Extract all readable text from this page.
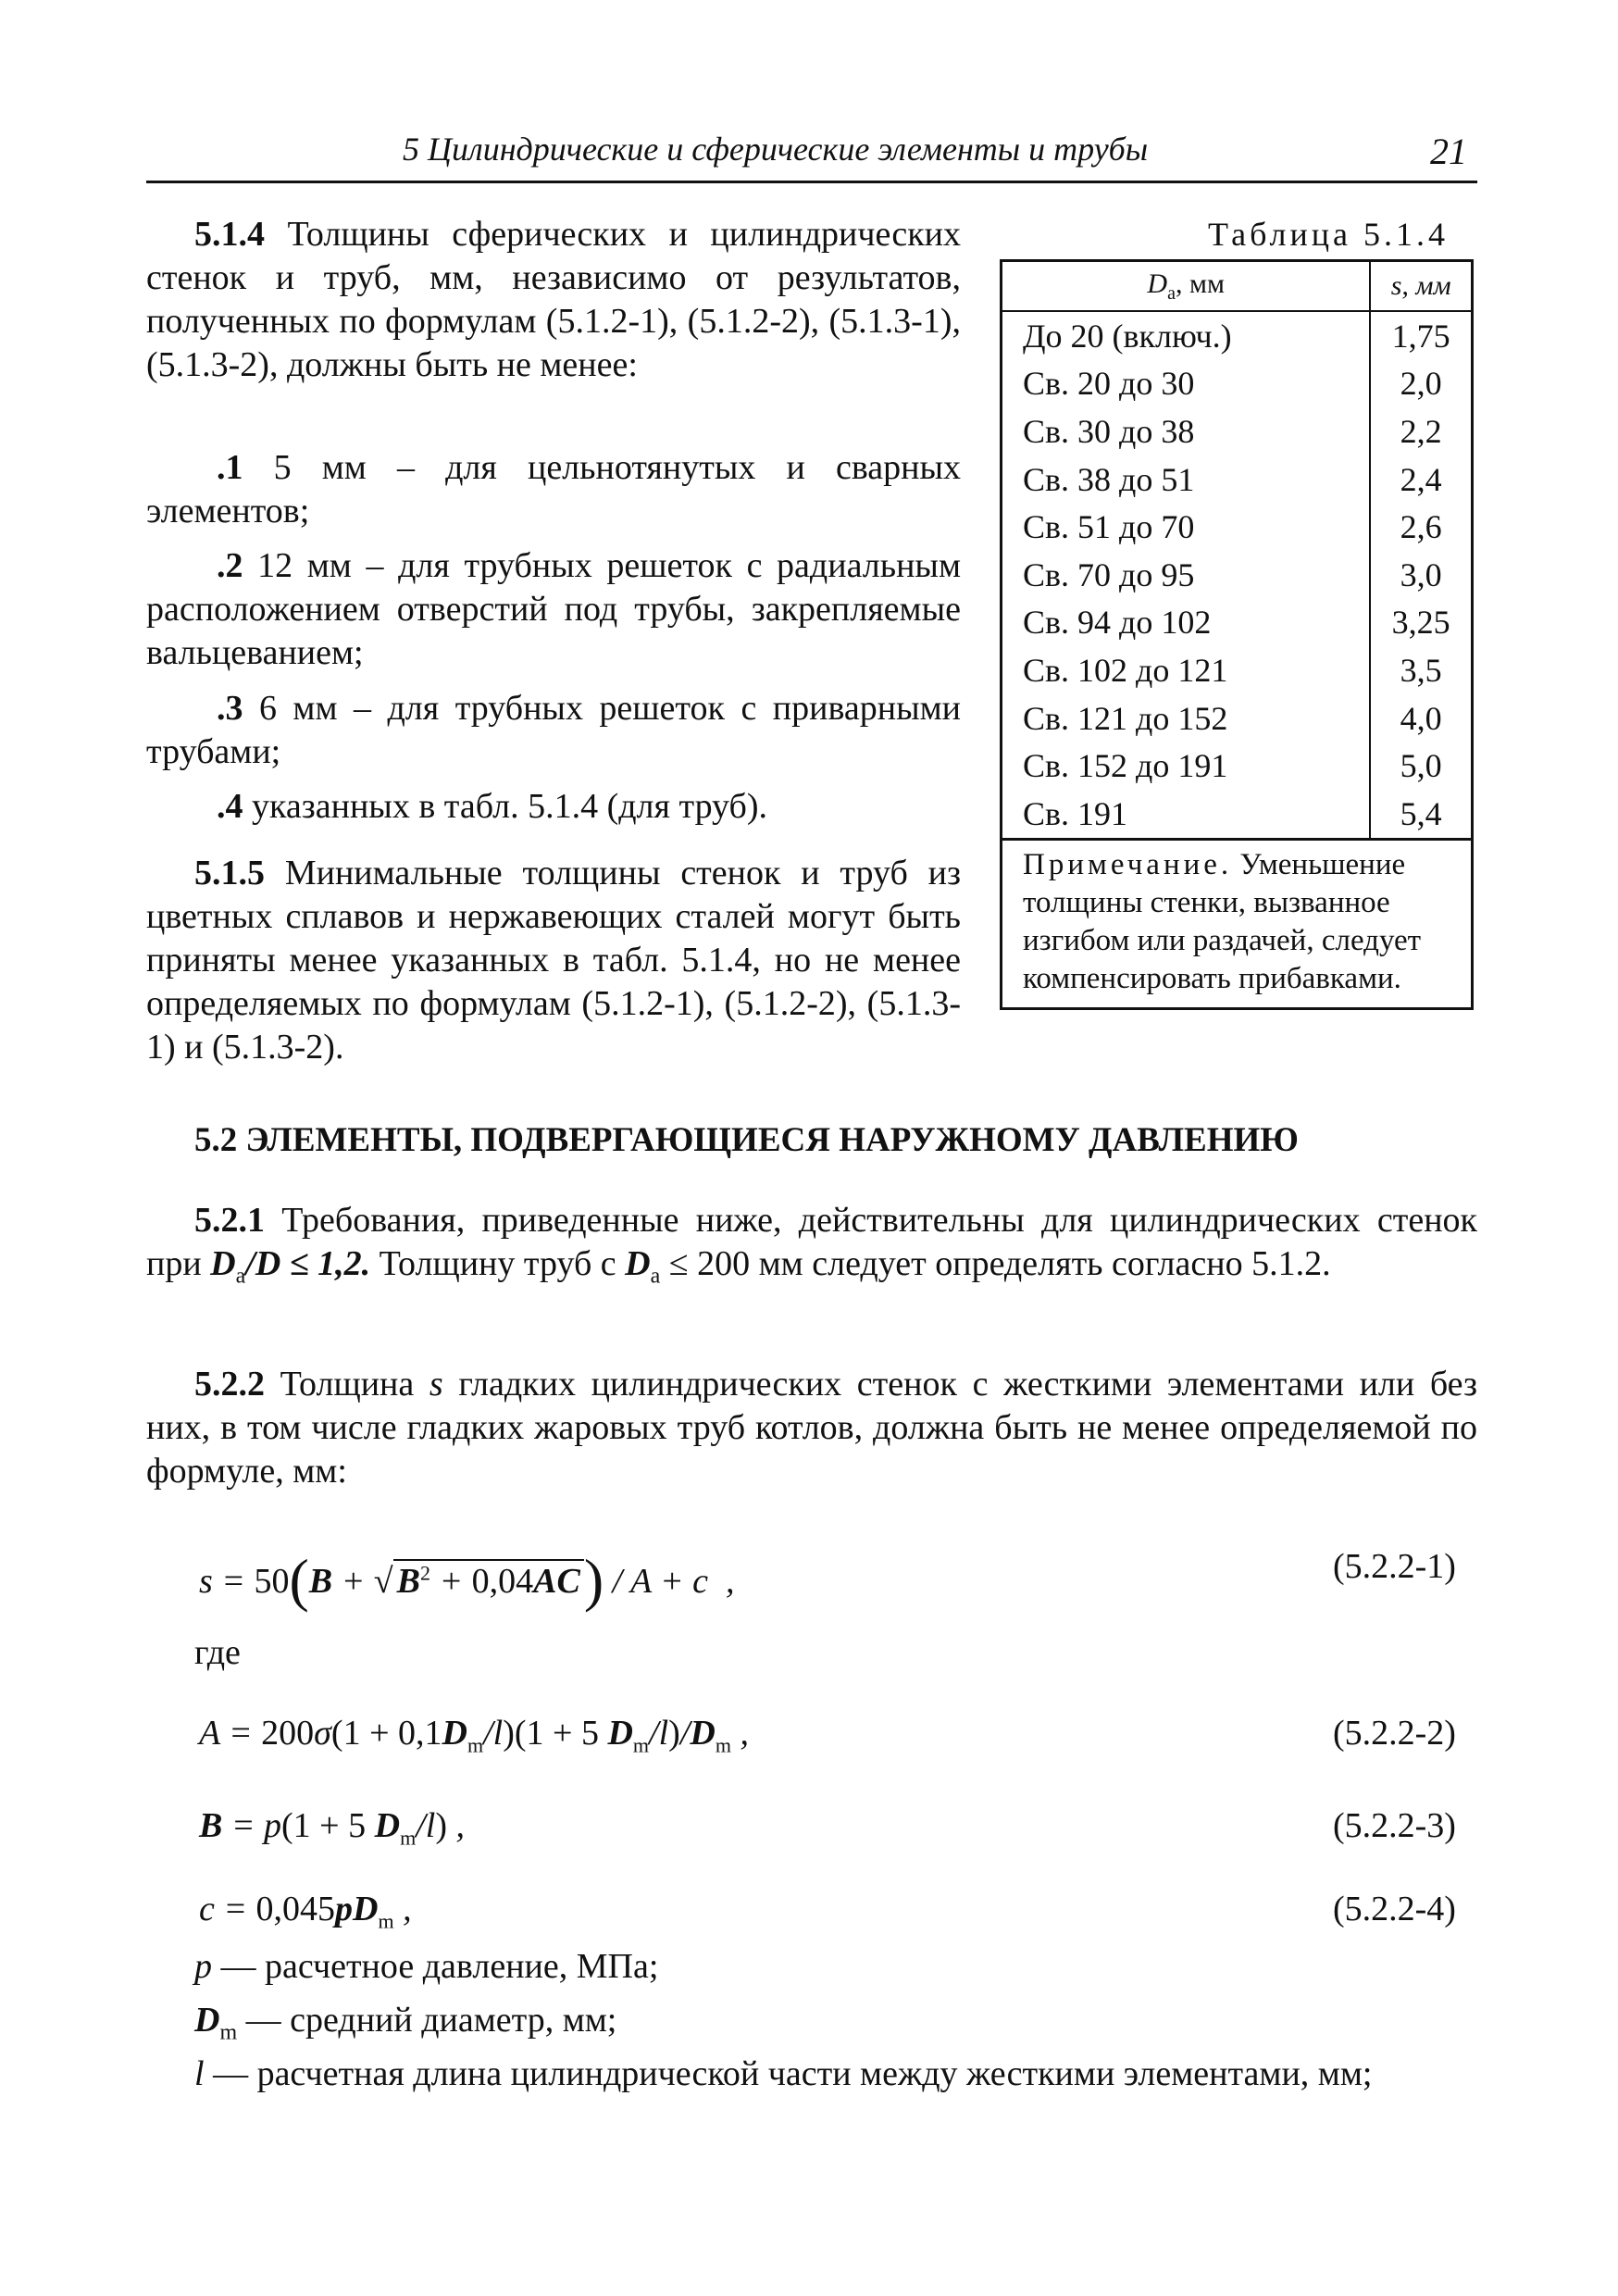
5 Цилиндрические и сферические элементы и трубы	21
5.1.4 Толщины сферических и цилиндрических стенок и труб, мм, независимо от результатов, полученных по формулам (5.1.2-1), (5.1.2-2), (5.1.3-1), (5.1.3-2), должны быть не менее:
.1 5 мм – для цельнотянутых и сварных элементов;
.2 12 мм – для трубных решеток с радиальным расположением отверстий под трубы, закрепляемые вальцеванием;
.3 6 мм – для трубных решеток с приварными трубами;
.4 указанных в табл. 5.1.4 (для труб).
5.1.5 Минимальные толщины стенок и труб из цветных сплавов и нержавеющих сталей могут быть приняты менее указанных в табл. 5.1.4, но не менее определяемых по формулам (5.1.2-1), (5.1.2-2), (5.1.3-1) и (5.1.3-2).
Таблица 5.1.4
$D_a$, мм	s, мм
До 20 (включ.)	1,75
Св. 20 до 30	2,0
Св. 30 до 38	2,2
Св. 38 до 51	2,4
Св. 51 до 70	2,6
Св. 70 до 95	3,0
Св. 94 до 102	3,25
Св. 102 до 121	3,5
Св. 121 до 152	4,0
Св. 152 до 191	5,0
Св. 191	5,4
Примечание. Уменьшение толщины стенки, вызванное изгибом или раздачей, следует компенсировать прибавками.
5.2 ЭЛЕМЕНТЫ, ПОДВЕРГАЮЩИЕСЯ НАРУЖНОМУ ДАВЛЕНИЮ
5.2.1 Требования, приведенные ниже, действительны для цилиндрических стенок при $D_a/D \le 1,2$. Толщину труб с $D_a \le 200$ мм следует определять согласно 5.1.2.
5.2.2 Толщина s гладких цилиндрических стенок с жесткими элементами или без них, в том числе гладких жаровых труб котлов, должна быть не менее определяемой по формуле, мм:
s = 50(B + √ $B^2 + 0,04AC) / A + c$  ,	(5.2.2-1)
где
$A = 200\sigma(1 + 0,1D_m/l)(1 + 5$ $D_m/l)/D_m$ ,	(5.2.2-2)
B = p(1 + 5 $D_m/l$) ,	(5.2.2-3)
$c = 0,045pD_m$ ,	(5.2.2-4)
p — расчетное давление, МПа;
$D_m$ — средний диаметр, мм;
l — расчетная длина цилиндрической части между жесткими элементами, мм;
